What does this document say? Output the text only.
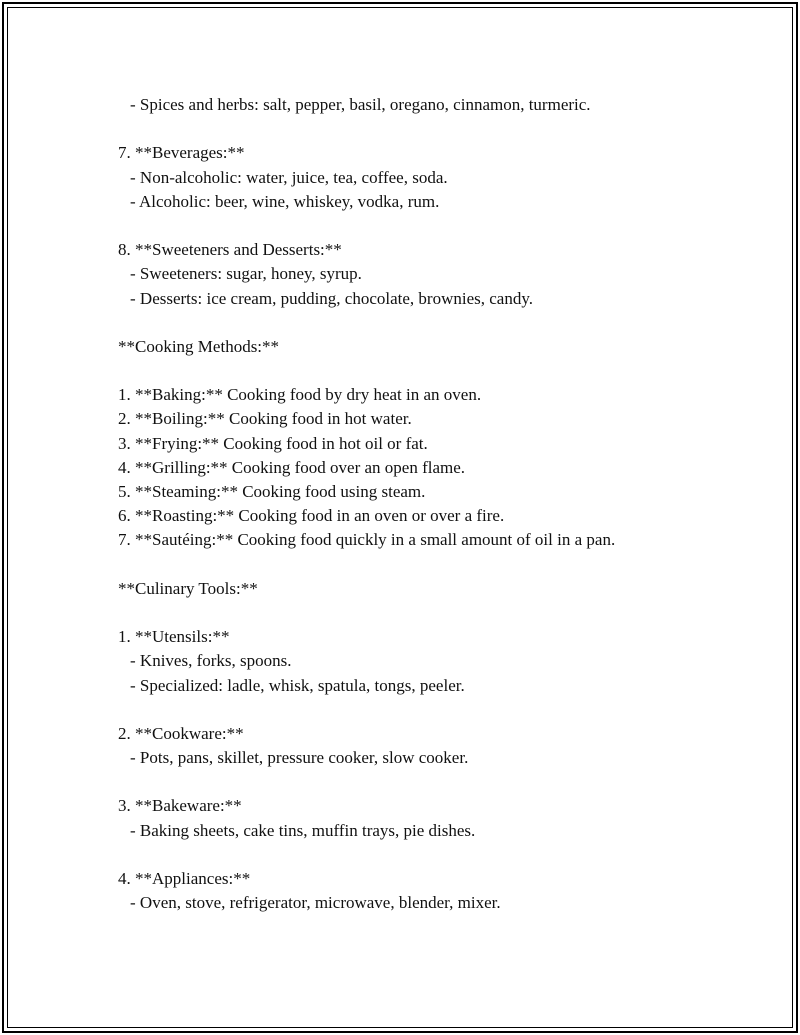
- Spices and herbs: salt, pepper, basil, oregano, cinnamon, turmeric.
7. **Beverages:**
- Non-alcoholic: water, juice, tea, coffee, soda.
- Alcoholic: beer, wine, whiskey, vodka, rum.
8. **Sweeteners and Desserts:**
- Sweeteners: sugar, honey, syrup.
- Desserts: ice cream, pudding, chocolate, brownies, candy.
**Cooking Methods:**
1. **Baking:** Cooking food by dry heat in an oven.
2. **Boiling:** Cooking food in hot water.
3. **Frying:** Cooking food in hot oil or fat.
4. **Grilling:** Cooking food over an open flame.
5. **Steaming:** Cooking food using steam.
6. **Roasting:** Cooking food in an oven or over a fire.
7. **Sautéing:** Cooking food quickly in a small amount of oil in a pan.
**Culinary Tools:**
1. **Utensils:**
- Knives, forks, spoons.
- Specialized: ladle, whisk, spatula, tongs, peeler.
2. **Cookware:**
- Pots, pans, skillet, pressure cooker, slow cooker.
3. **Bakeware:**
- Baking sheets, cake tins, muffin trays, pie dishes.
4. **Appliances:**
- Oven, stove, refrigerator, microwave, blender, mixer.
